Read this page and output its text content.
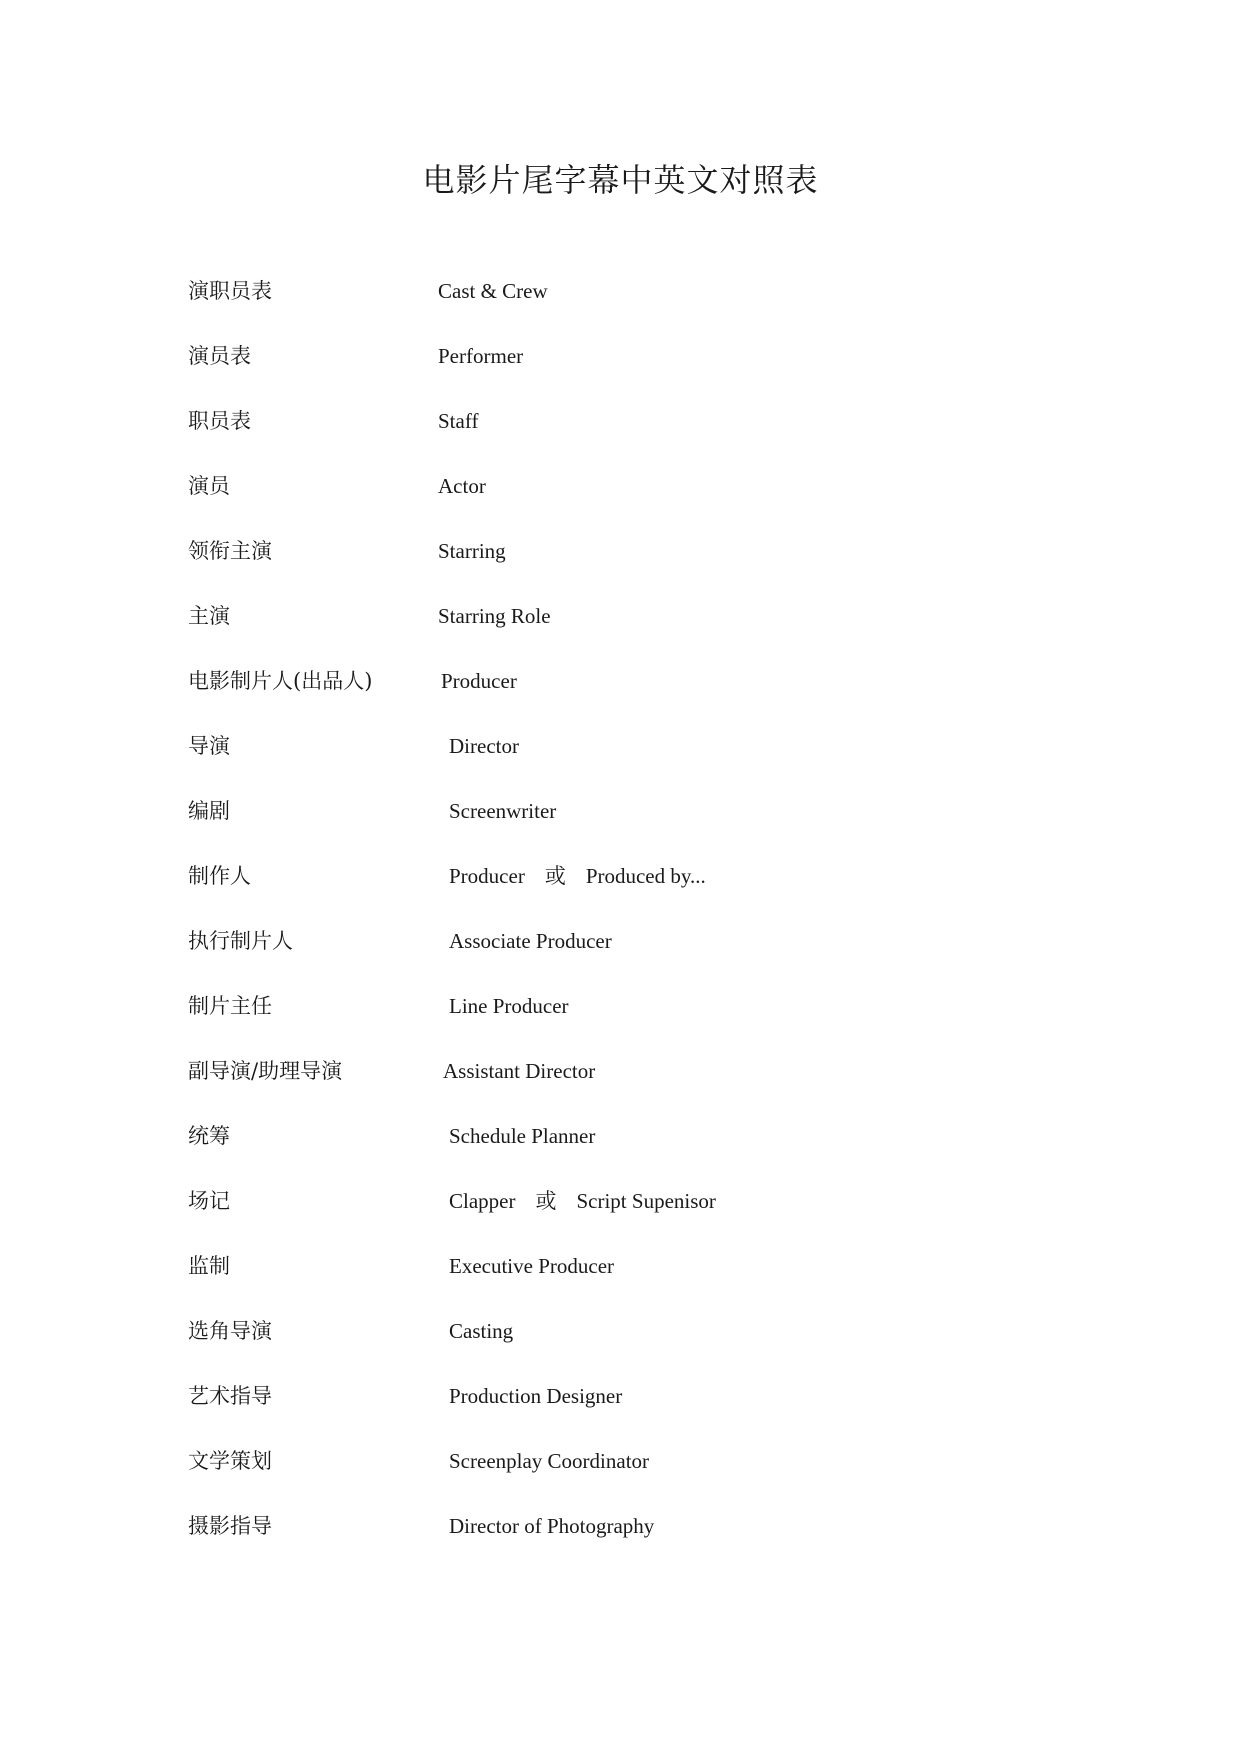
电影片尾字幕中英文对照表
演职员表	Cast & Crew
演员表	Performer
职员表	Staff
演员	Actor
领衔主演	Starring
主演	Starring Role
电影制片人(出品人)	Producer
导演	Director
编剧	Screenwriter
制作人	Producer 或 Produced by...
执行制片人	Associate Producer
制片主任	Line Producer
副导演/助理导演	Assistant Director
统筹	Schedule Planner
场记	Clapper 或 Script Supenisor
监制	Executive Producer
选角导演	Casting
艺术指导	Production Designer
文学策划	Screenplay Coordinator
摄影指导	Director of Photography
